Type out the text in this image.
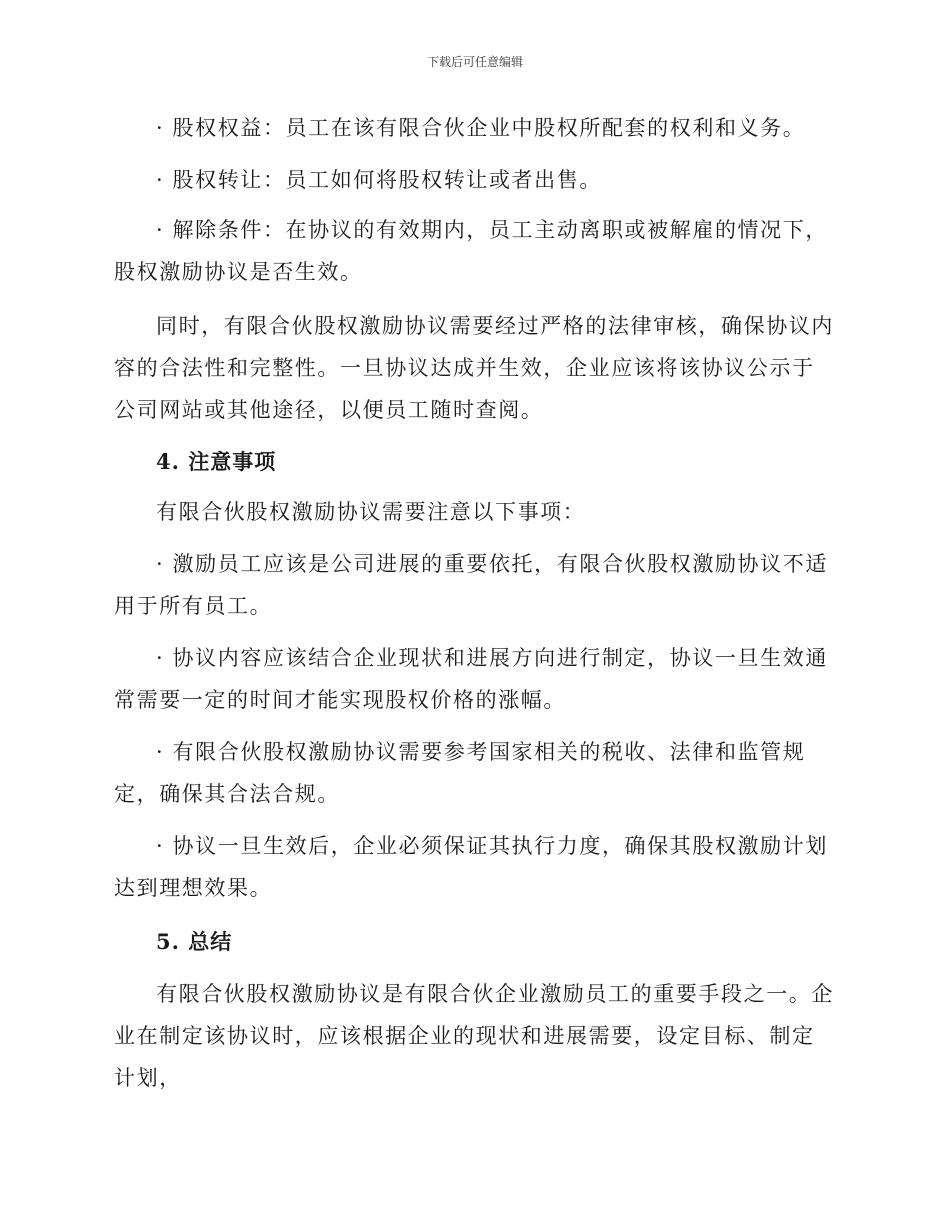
下载后可任意编辑

· 股权权益：员工在该有限合伙企业中股权所配套的权利和义务。

· 股权转让：员工如何将股权转让或者出售。

· 解除条件：在协议的有效期内，员工主动离职或被解雇的情况下，股权激励协议是否生效。

同时，有限合伙股权激励协议需要经过严格的法律审核，确保协议内容的合法性和完整性。一旦协议达成并生效，企业应该将该协议公示于公司网站或其他途径，以便员工随时查阅。

4. 注意事项

有限合伙股权激励协议需要注意以下事项：

· 激励员工应该是公司进展的重要依托，有限合伙股权激励协议不适用于所有员工。

· 协议内容应该结合企业现状和进展方向进行制定，协议一旦生效通常需要一定的时间才能实现股权价格的涨幅。

· 有限合伙股权激励协议需要参考国家相关的税收、法律和监管规定，确保其合法合规。

· 协议一旦生效后，企业必须保证其执行力度，确保其股权激励计划达到理想效果。

5. 总结

有限合伙股权激励协议是有限合伙企业激励员工的重要手段之一。企业在制定该协议时，应该根据企业的现状和进展需要，设定目标、制定计划，
